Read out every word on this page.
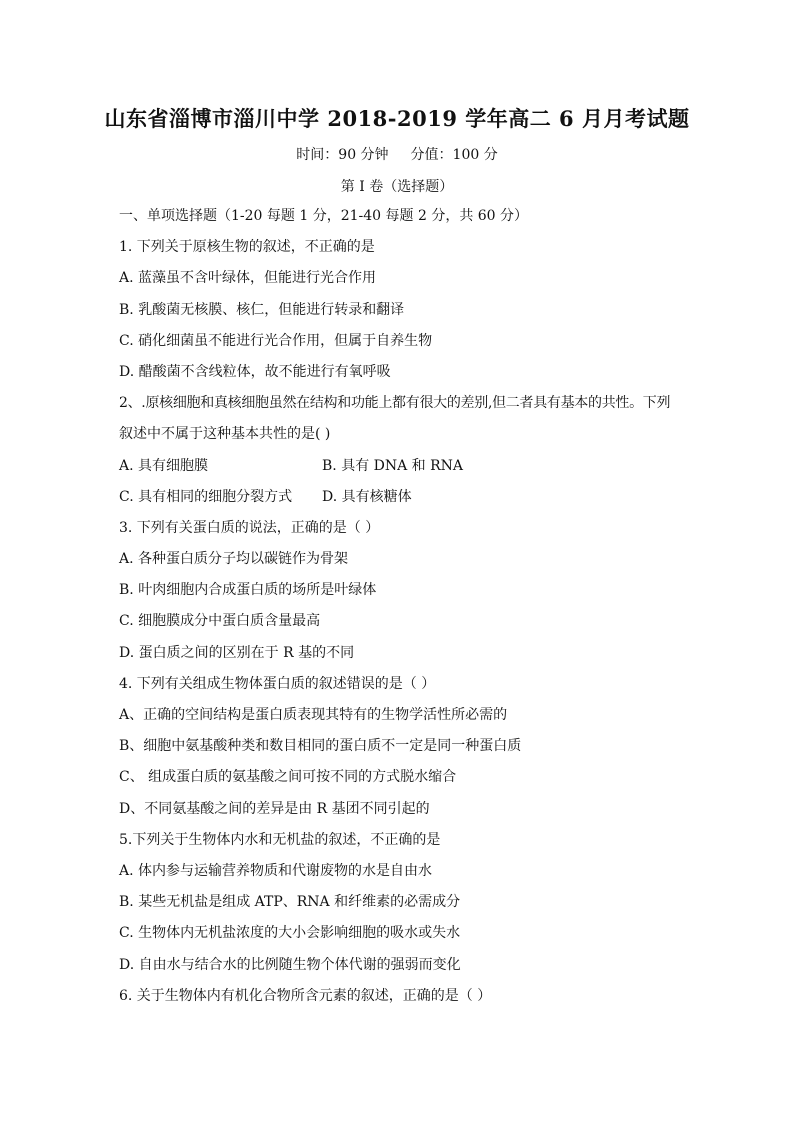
山东省淄博市淄川中学 2018-2019 学年高二 6 月月考试题
时间：90 分钟 分值：100 分
第 I 卷（选择题）
一、单项选择题（1-20 每题 1 分，21-40 每题 2 分，共 60 分）
1. 下列关于原核生物的叙述，不正确的是
A. 蓝藻虽不含叶绿体，但能进行光合作用
B. 乳酸菌无核膜、核仁，但能进行转录和翻译
C. 硝化细菌虽不能进行光合作用，但属于自养生物
D. 醋酸菌不含线粒体，故不能进行有氧呼吸
2、.原核细胞和真核细胞虽然在结构和功能上都有很大的差别,但二者具有基本的共性。下列
叙述中不属于这种基本共性的是( )
A. 具有细胞膜	B. 具有 DNA 和 RNA
C. 具有相同的细胞分裂方式 D. 具有核糖体
3. 下列有关蛋白质的说法，正确的是（ ）
A. 各种蛋白质分子均以碳链作为骨架
B. 叶肉细胞内合成蛋白质的场所是叶绿体
C. 细胞膜成分中蛋白质含量最高
D. 蛋白质之间的区别在于 R 基的不同
4. 下列有关组成生物体蛋白质的叙述错误的是（ ）
A、正确的空间结构是蛋白质表现其特有的生物学活性所必需的
B、细胞中氨基酸种类和数目相同的蛋白质不一定是同一种蛋白质
C、 组成蛋白质的氨基酸之间可按不同的方式脱水缩合
D、不同氨基酸之间的差异是由 R 基团不同引起的
5.下列关于生物体内水和无机盐的叙述，不正确的是
A. 体内参与运输营养物质和代谢废物的水是自由水
B. 某些无机盐是组成 ATP、RNA 和纤维素的必需成分
C. 生物体内无机盐浓度的大小会影响细胞的吸水或失水
D. 自由水与结合水的比例随生物个体代谢的强弱而变化
6. 关于生物体内有机化合物所含元素的叙述，正确的是（ ）
